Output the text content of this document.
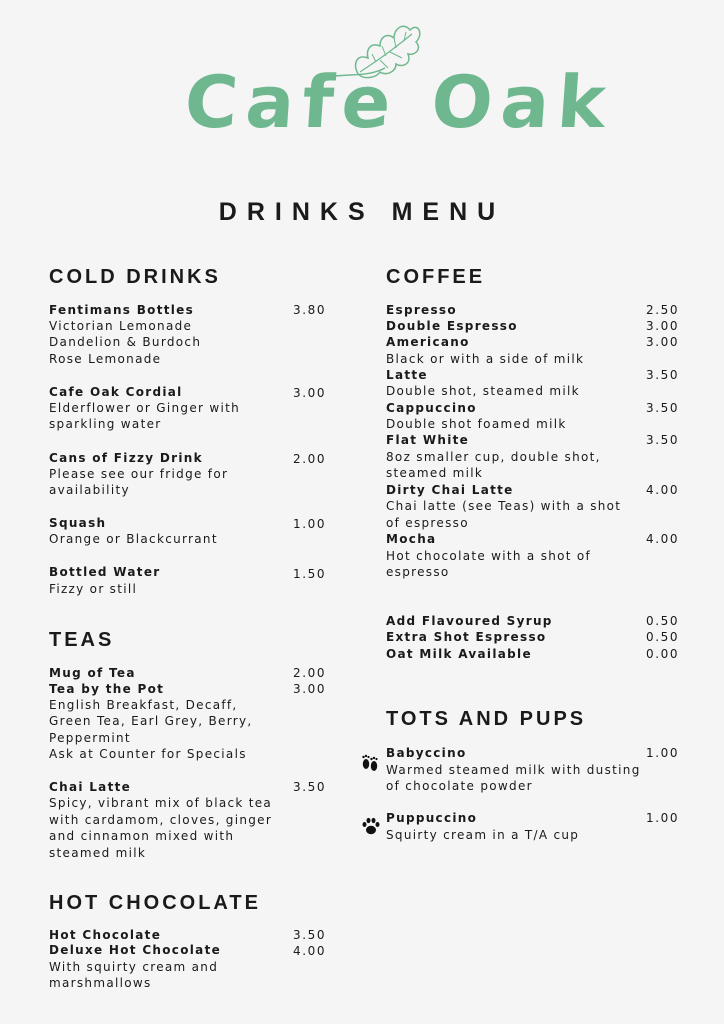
Cafe Oak
DRINKS MENU
COLD DRINKS
Fentimans Bottles	3.80
Victorian Lemonade
Dandelion & Burdoch
Rose Lemonade
Cafe Oak Cordial	3.00
Elderflower or Ginger with
sparkling water
Cans of Fizzy Drink	2.00
Please see our fridge for
availability
Squash	1.00
Orange or Blackcurrant
Bottled Water	1.50
Fizzy or still
TEAS
Mug of Tea	2.00
Tea by the Pot	3.00
English Breakfast, Decaff,
Green Tea, Earl Grey, Berry,
Peppermint
Ask at Counter for Specials
Chai Latte	3.50
Spicy, vibrant mix of black tea
with cardamom, cloves, ginger
and cinnamon mixed with
steamed milk
HOT CHOCOLATE
Hot Chocolate	3.50
Deluxe Hot Chocolate	4.00
With squirty cream and
marshmallows
COFFEE
Espresso	2.50
Double Espresso	3.00
Americano	3.00
Black or with a side of milk
Latte	3.50
Double shot, steamed milk
Cappuccino	3.50
Double shot foamed milk
Flat White	3.50
8oz smaller cup, double shot,
steamed milk
Dirty Chai Latte	4.00
Chai latte (see Teas) with a shot
of espresso
Mocha	4.00
Hot chocolate with a shot of
espresso
Add Flavoured Syrup	0.50
Extra Shot Espresso	0.50
Oat Milk Available	0.00
TOTS AND PUPS
Babyccino	1.00
Warmed steamed milk with dusting
of chocolate powder
Puppuccino	1.00
Squirty cream in a T/A cup
